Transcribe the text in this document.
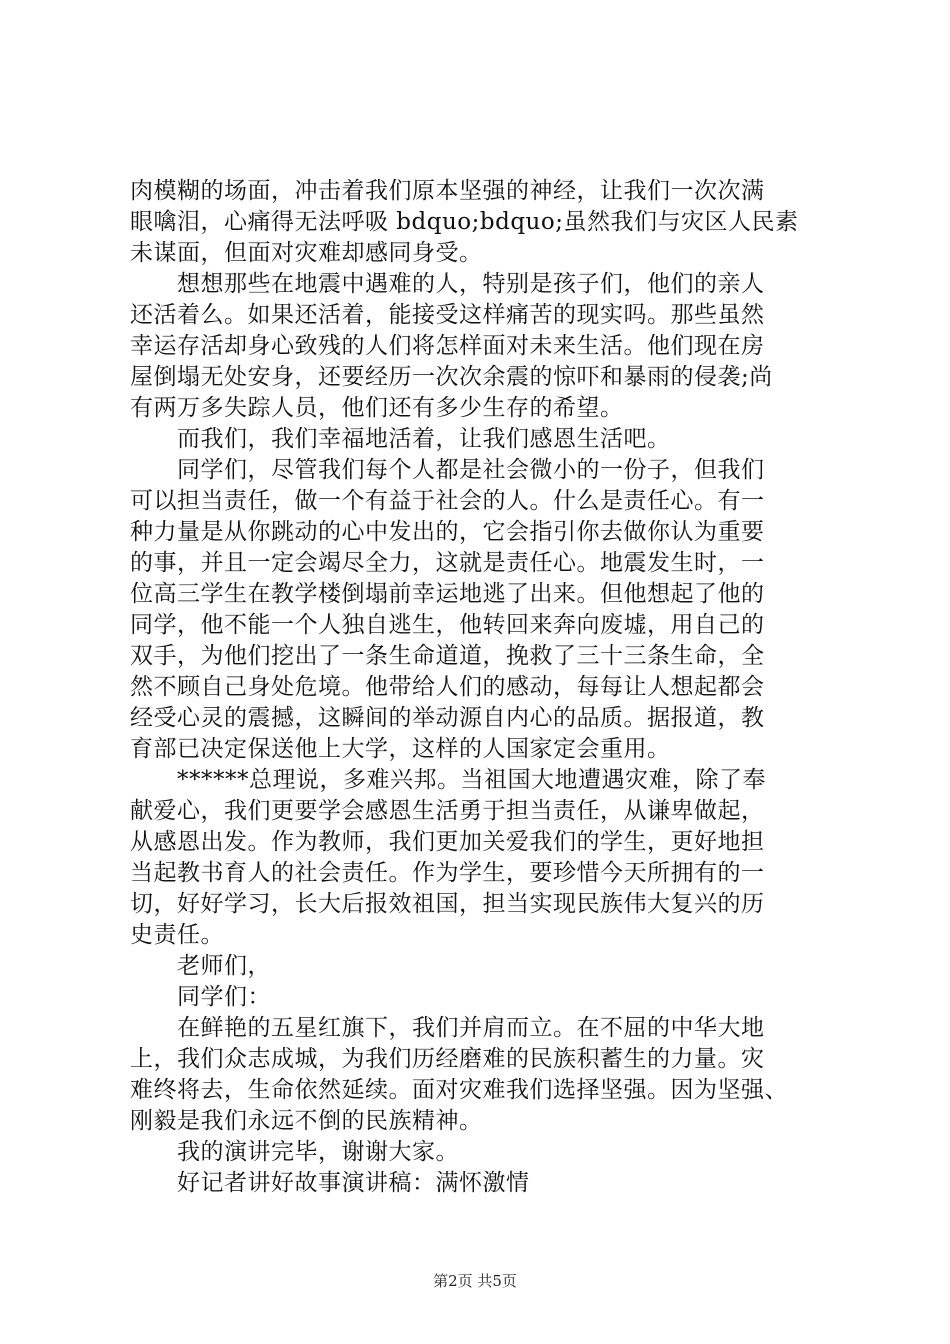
肉模糊的场面，冲击着我们原本坚强的神经，让我们一次次满
眼噙泪，心痛得无法呼吸 bdquo;bdquo;虽然我们与灾区人民素
未谋面，但面对灾难却感同身受。
　　想想那些在地震中遇难的人，特别是孩子们，他们的亲人
还活着么。如果还活着，能接受这样痛苦的现实吗。那些虽然
幸运存活却身心致残的人们将怎样面对未来生活。他们现在房
屋倒塌无处安身，还要经历一次次余震的惊吓和暴雨的侵袭;尚
有两万多失踪人员，他们还有多少生存的希望。
　　而我们，我们幸福地活着，让我们感恩生活吧。
　　同学们，尽管我们每个人都是社会微小的一份子，但我们
可以担当责任，做一个有益于社会的人。什么是责任心。有一
种力量是从你跳动的心中发出的，它会指引你去做你认为重要
的事，并且一定会竭尽全力，这就是责任心。地震发生时，一
位高三学生在教学楼倒塌前幸运地逃了出来。但他想起了他的
同学，他不能一个人独自逃生，他转回来奔向废墟，用自己的
双手，为他们挖出了一条生命道道，挽救了三十三条生命，全
然不顾自己身处危境。他带给人们的感动，每每让人想起都会
经受心灵的震撼，这瞬间的举动源自内心的品质。据报道，教
育部已决定保送他上大学，这样的人国家定会重用。
　　******总理说，多难兴邦。当祖国大地遭遇灾难，除了奉
献爱心，我们更要学会感恩生活勇于担当责任，从谦卑做起，
从感恩出发。作为教师，我们更加关爱我们的学生，更好地担
当起教书育人的社会责任。作为学生，要珍惜今天所拥有的一
切，好好学习，长大后报效祖国，担当实现民族伟大复兴的历
史责任。
　　老师们，
　　同学们：
　　在鲜艳的五星红旗下，我们并肩而立。在不屈的中华大地
上，我们众志成城，为我们历经磨难的民族积蓄生的力量。灾
难终将去，生命依然延续。面对灾难我们选择坚强。因为坚强、
刚毅是我们永远不倒的民族精神。
　　我的演讲完毕，谢谢大家。
　　好记者讲好故事演讲稿：满怀激情
第2页 共5页
